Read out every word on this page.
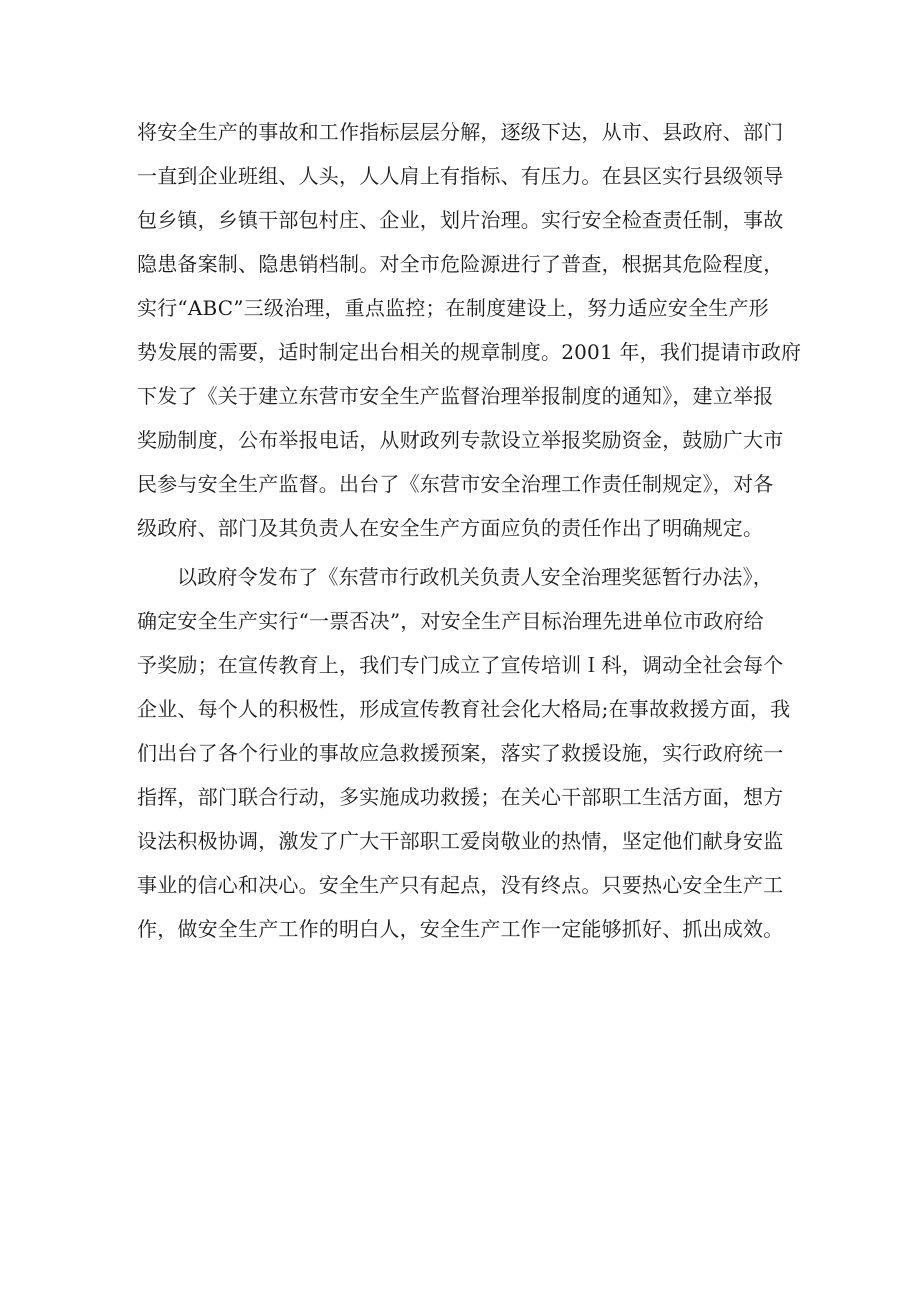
将安全生产的事故和工作指标层层分解，逐级下达，从市、县政府、部门
一直到企业班组、人头，人人肩上有指标、有压力。在县区实行县级领导
包乡镇，乡镇干部包村庄、企业，划片治理。实行安全检查责任制，事故
隐患备案制、隐患销档制。对全市危险源进行了普查，根据其危险程度，
实行“ABC”三级治理，重点监控；在制度建设上，努力适应安全生产形
势发展的需要，适时制定出台相关的规章制度。2001 年，我们提请市政府
下发了《关于建立东营市安全生产监督治理举报制度的通知》，建立举报
奖励制度，公布举报电话，从财政列专款设立举报奖励资金，鼓励广大市
民参与安全生产监督。出台了《东营市安全治理工作责任制规定》，对各
级政府、部门及其负责人在安全生产方面应负的责任作出了明确规定。
以政府令发布了《东营市行政机关负责人安全治理奖惩暂行办法》，
确定安全生产实行“一票否决”，对安全生产目标治理先进单位市政府给
予奖励；在宣传教育上，我们专门成立了宣传培训Ｉ科，调动全社会每个
企业、每个人的积极性，形成宣传教育社会化大格局;在事故救援方面，我
们出台了各个行业的事故应急救援预案，落实了救援设施，实行政府统一
指挥，部门联合行动，多实施成功救援；在关心干部职工生活方面，想方
设法积极协调，激发了广大干部职工爱岗敬业的热情，坚定他们献身安监
事业的信心和决心。安全生产只有起点，没有终点。只要热心安全生产工
作，做安全生产工作的明白人，安全生产工作一定能够抓好、抓出成效。
